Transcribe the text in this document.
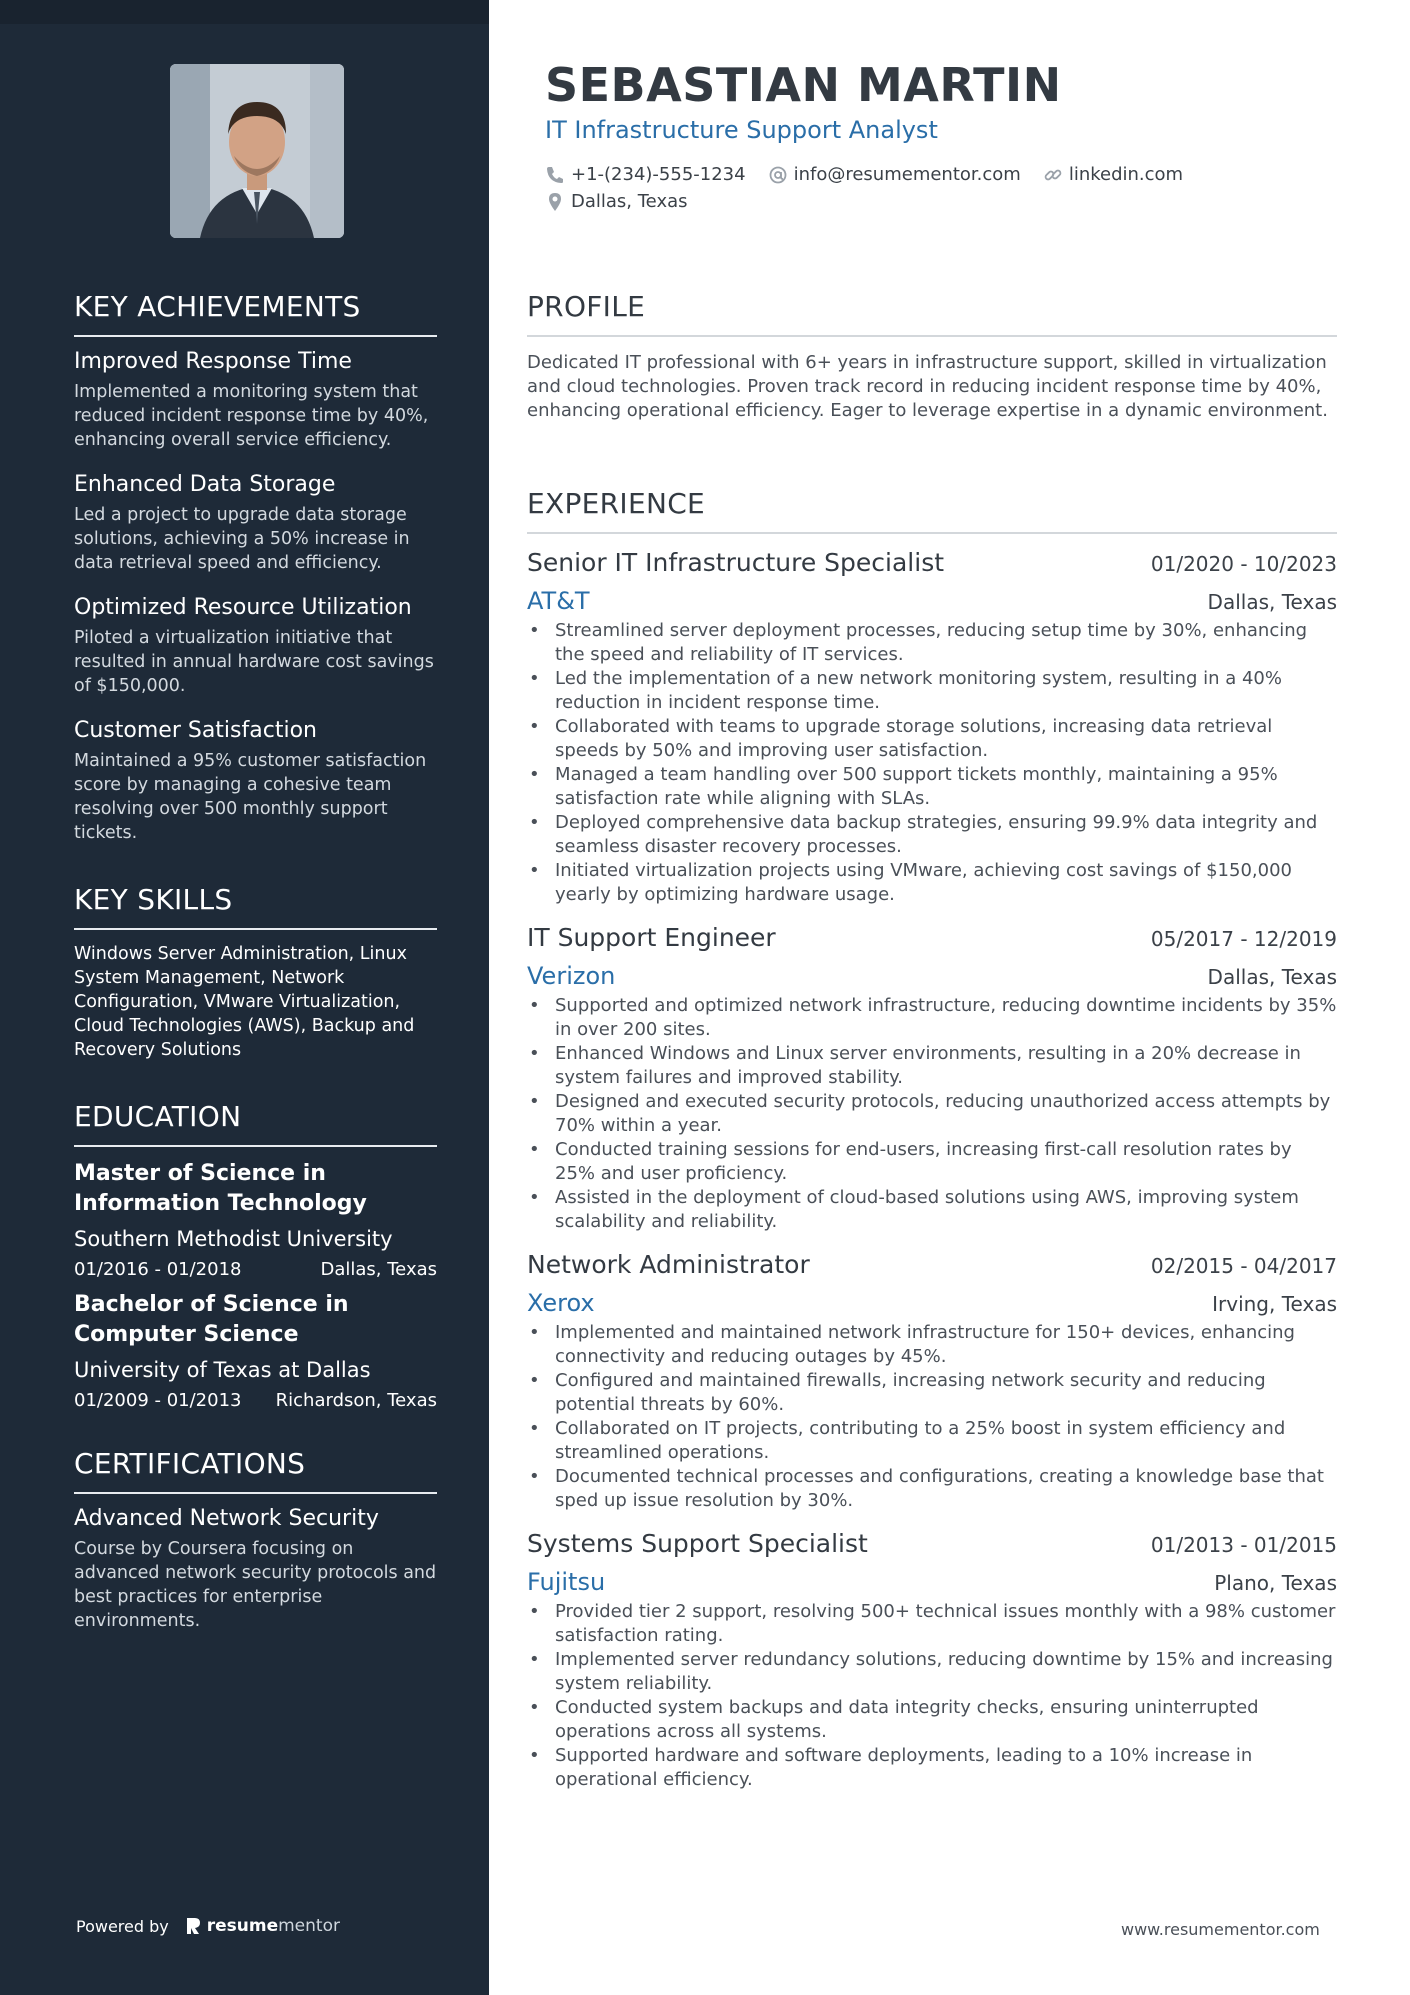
KEY ACHIEVEMENTS
Improved Response Time
Implemented a monitoring system that reduced incident response time by 40%, enhancing overall service efficiency.
Enhanced Data Storage
Led a project to upgrade data storage solutions, achieving a 50% increase in data retrieval speed and efficiency.
Optimized Resource Utilization
Piloted a virtualization initiative that resulted in annual hardware cost savings of $150,000.
Customer Satisfaction
Maintained a 95% customer satisfaction score by managing a cohesive team resolving over 500 monthly support tickets.
KEY SKILLS
Windows Server Administration, Linux System Management, Network Configuration, VMware Virtualization, Cloud Technologies (AWS), Backup and Recovery Solutions
EDUCATION
Master of Science in Information Technology
Southern Methodist University
01/2016 - 01/2018	Dallas, Texas
Bachelor of Science in Computer Science
University of Texas at Dallas
01/2009 - 01/2013 Richardson, Texas
CERTIFICATIONS
Advanced Network Security
Course by Coursera focusing on advanced network security protocols and best practices for enterprise environments.
Powered by resume mentor
SEBASTIAN MARTIN
IT Infrastructure Support Analyst
+1-(234)-555-1234	info@resumementor.com	linkedin.com
Dallas, Texas
PROFILE
Dedicated IT professional with 6+ years in infrastructure support, skilled in virtualization and cloud technologies. Proven track record in reducing incident response time by 40%, enhancing operational efficiency. Eager to leverage expertise in a dynamic environment.
EXPERIENCE
Senior IT Infrastructure Specialist	01/2020 - 10/2023
AT&T	Dallas, Texas
• Streamlined server deployment processes, reducing setup time by 30%, enhancing the speed and reliability of IT services.
• Led the implementation of a new network monitoring system, resulting in a 40% reduction in incident response time.
• Collaborated with teams to upgrade storage solutions, increasing data retrieval speeds by 50% and improving user satisfaction.
• Managed a team handling over 500 support tickets monthly, maintaining a 95% satisfaction rate while aligning with SLAs.
• Deployed comprehensive data backup strategies, ensuring 99.9% data integrity and seamless disaster recovery processes.
• Initiated virtualization projects using VMware, achieving cost savings of $150,000 yearly by optimizing hardware usage.
IT Support Engineer	05/2017 - 12/2019
Verizon	Dallas, Texas
• Supported and optimized network infrastructure, reducing downtime incidents by 35% in over 200 sites.
• Enhanced Windows and Linux server environments, resulting in a 20% decrease in system failures and improved stability.
• Designed and executed security protocols, reducing unauthorized access attempts by 70% within a year.
• Conducted training sessions for end-users, increasing first-call resolution rates by 25% and user proficiency.
• Assisted in the deployment of cloud-based solutions using AWS, improving system scalability and reliability.
Network Administrator	02/2015 - 04/2017
Xerox	Irving, Texas
• Implemented and maintained network infrastructure for 150+ devices, enhancing connectivity and reducing outages by 45%.
• Configured and maintained firewalls, increasing network security and reducing potential threats by 60%.
• Collaborated on IT projects, contributing to a 25% boost in system efficiency and streamlined operations.
• Documented technical processes and configurations, creating a knowledge base that sped up issue resolution by 30%.
Systems Support Specialist	01/2013 - 01/2015
Fujitsu	Plano, Texas
• Provided tier 2 support, resolving 500+ technical issues monthly with a 98% customer satisfaction rating.
• Implemented server redundancy solutions, reducing downtime by 15% and increasing system reliability.
• Conducted system backups and data integrity checks, ensuring uninterrupted operations across all systems.
• Supported hardware and software deployments, leading to a 10% increase in operational efficiency.
www.resumementor.com
